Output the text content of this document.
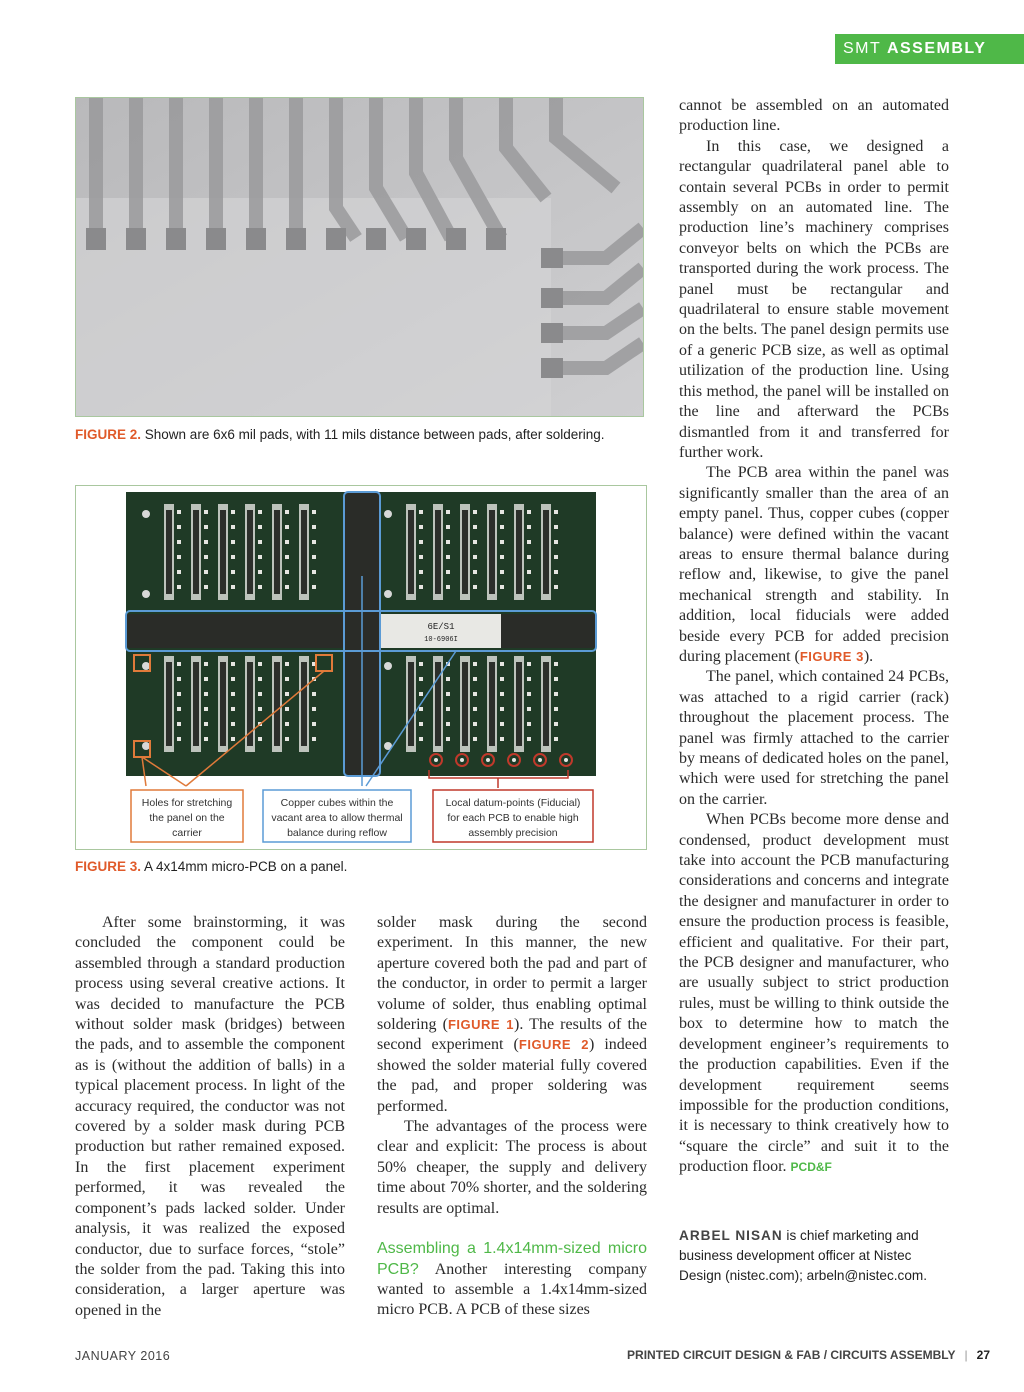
SMT ASSEMBLY
FIGURE 2. Shown are 6x6 mil pads, with 11 mils distance between pads, after soldering.
6E/S1
10-6906I
Holes for stretching
the panel on the
carrier
Copper cubes within the
vacant area to allow thermal
balance during reflow
Local datum-points (Fiducial)
for each PCB to enable high
assembly precision
FIGURE 3. A 4x14mm micro-PCB on a panel.

After some brainstorming, it was concluded the component could be assembled through a standard production process using several creative actions. It was decided to manufacture the PCB without solder mask (bridges) between the pads, and to assemble the component as is (without the addition of balls) in a typical placement process. In light of the accuracy required, the conductor was not covered by a solder mask during PCB production but rather remained exposed. In the first placement experiment performed, it was revealed the component’s pads lacked solder. Under analysis, it was realized the exposed conductor, due to surface forces, “stole” the solder from the pad. Taking this into consideration, a larger aperture was opened in the

solder mask during the second experiment. In this manner, the new aperture covered both the pad and part of the conductor, in order to permit a larger volume of solder, thus enabling optimal soldering (FIGURE 1). The results of the second experiment (FIGURE 2) indeed showed the solder material fully covered the pad, and proper soldering was performed.

The advantages of the process were clear and explicit: The process is about 50% cheaper, the supply and delivery time about 70% shorter, and the soldering results are optimal.

Assembling a 1.4x14mm-sized micro PCB? Another interesting company wanted to assemble a 1.4x14mm-sized micro PCB. A PCB of these sizes

cannot be assembled on an automated production line.

In this case, we designed a rectangular quadrilateral panel able to contain several PCBs in order to permit assembly on an automated line. The production line’s machinery comprises conveyor belts on which the PCBs are transported during the work process. The panel must be rectangular and quadrilateral to ensure stable movement on the belts. The panel design permits use of a generic PCB size, as well as optimal utilization of the production line. Using this method, the panel will be installed on the line and afterward the PCBs dismantled from it and transferred for further work.

The PCB area within the panel was significantly smaller than the area of an empty panel. Thus, copper cubes (copper balance) were defined within the vacant areas to ensure thermal balance during reflow and, likewise, to give the panel mechanical strength and stability. In addition, local fiducials were added beside every PCB for added precision during placement (FIGURE 3).

The panel, which contained 24 PCBs, was attached to a rigid carrier (rack) throughout the placement process. The panel was firmly attached to the carrier by means of dedicated holes on the panel, which were used for stretching the panel on the carrier.

When PCBs become more dense and condensed, product development must take into account the PCB manufacturing considerations and concerns and integrate the designer and manufacturer in order to ensure the production process is feasible, efficient and qualitative. For their part, the PCB designer and manufacturer, who are usually subject to strict production rules, must be willing to think outside the box to determine how to match the development engineer’s requirements to the production capabilities. Even if the development requirement seems impossible for the production conditions, it is necessary to think creatively how to “square the circle” and suit it to the production floor. PCD&F

ARBEL NISAN is chief marketing and business development officer at Nistec Design (nistec.com); arbeln@nistec.com.
JANUARY 2016	PRINTED CIRCUIT DESIGN & FAB / CIRCUITS ASSEMBLY | 27
